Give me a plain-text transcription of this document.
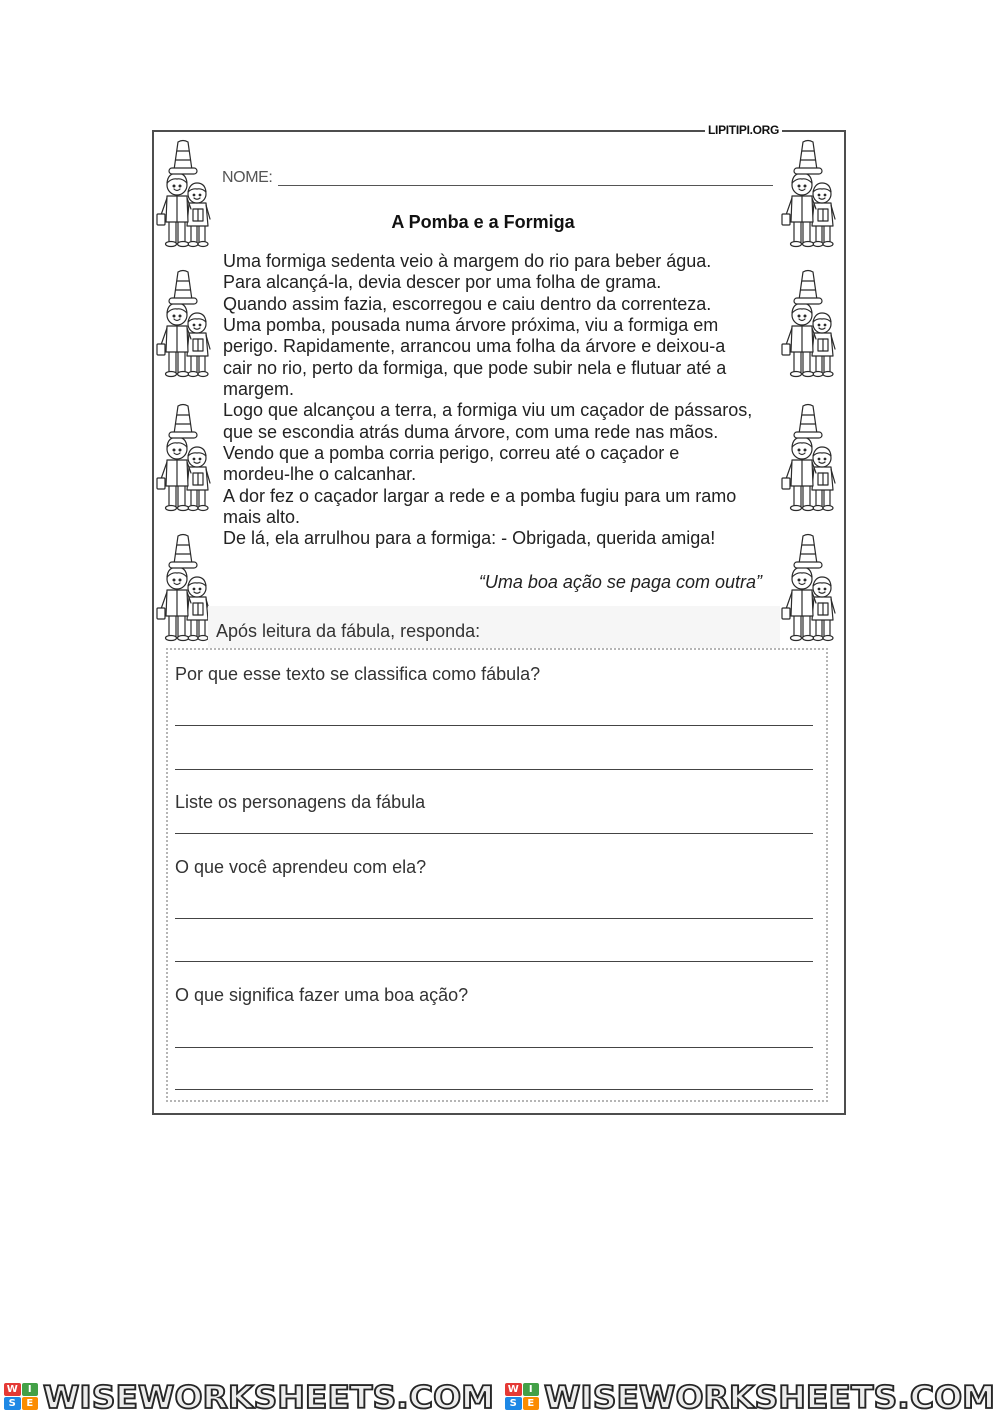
LIPITIPI.ORG
NOME:
A Pomba e a Formiga
Uma formiga sedenta veio à margem do rio para beber água.
Para alcançá-la, devia descer por uma folha de grama.
Quando assim fazia, escorregou e caiu dentro da correnteza.
Uma pomba, pousada numa árvore próxima, viu a formiga em
perigo. Rapidamente, arrancou uma folha da árvore e deixou-a
cair no rio, perto da formiga, que pode subir nela e flutuar até a
margem.
Logo que alcançou a terra, a formiga viu um caçador de pássaros,
que se escondia atrás duma árvore, com uma rede nas mãos.
Vendo que a pomba corria perigo, correu até o caçador e
mordeu-lhe o calcanhar.
A dor fez o caçador largar a rede e a pomba fugiu para um ramo
mais alto.
De lá, ela arrulhou para a formiga: - Obrigada, querida amiga!
“Uma boa ação se paga com outra”
Após leitura da fábula, responda:
Por que esse texto se classifica como fábula?
Liste os personagens da fábula
O que você aprendeu com ela?
O que significa fazer uma boa ação?
W	I
S	E WISEWORKSHEETS.COM W	I
S	E WISEWORKSHEETS.COM
